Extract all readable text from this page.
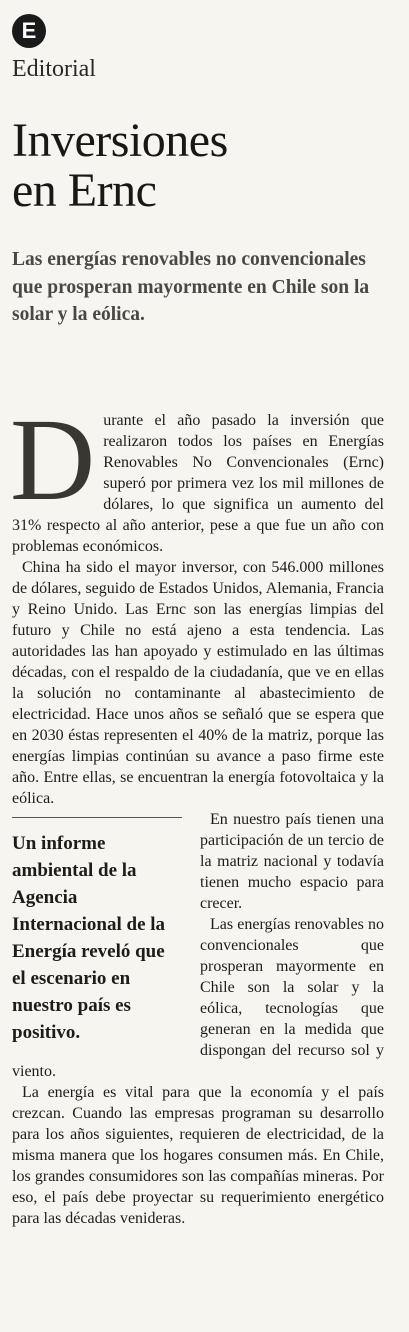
E
Editorial
Inversiones
en Ernc
Las energías renovables no convencionales que prosperan mayormente en Chile son la solar y la eólica.

Durante el año pasado la inversión que realizaron todos los países en Energías Renovables No Convencionales (Ernc) superó por primera vez los mil millones de dólares, lo que significa un aumento del 31% respecto al año anterior, pese a que fue un año con problemas económicos.

China ha sido el mayor inversor, con 546.000 millones de dólares, seguido de Estados Unidos, Alemania, Francia y Reino Unido. Las Ernc son las energías limpias del futuro y Chile no está ajeno a esta tendencia. Las autoridades las han apoyado y estimulado en las últimas décadas, con el respaldo de la ciudadanía, que ve en ellas la solución no contaminante al abastecimiento de electricidad. Hace unos años se señaló que se espera que en 2030 éstas representen el 40% de la matriz, porque las energías limpias continúan su avance a paso firme este año. Entre ellas, se encuentran la energía fotovoltaica y la eólica.

Un informe ambiental de la Agencia Internacional de la Energía reveló que el escenario en nuestro país es positivo.

En nuestro país tienen una participación de un tercio de la matriz nacional y todavía tienen mucho espacio para crecer.

Las energías renovables no convencionales que prosperan mayormente en Chile son la solar y la eólica, tecnologías que generan en la medida que dispongan del recurso sol y viento.

La energía es vital para que la economía y el país crezcan. Cuando las empresas programan su desarrollo para los años siguientes, requieren de electricidad, de la misma manera que los hogares consumen más. En Chile, los grandes consumidores son las compañías mineras. Por eso, el país debe proyectar su requerimiento energético para las décadas venideras.
